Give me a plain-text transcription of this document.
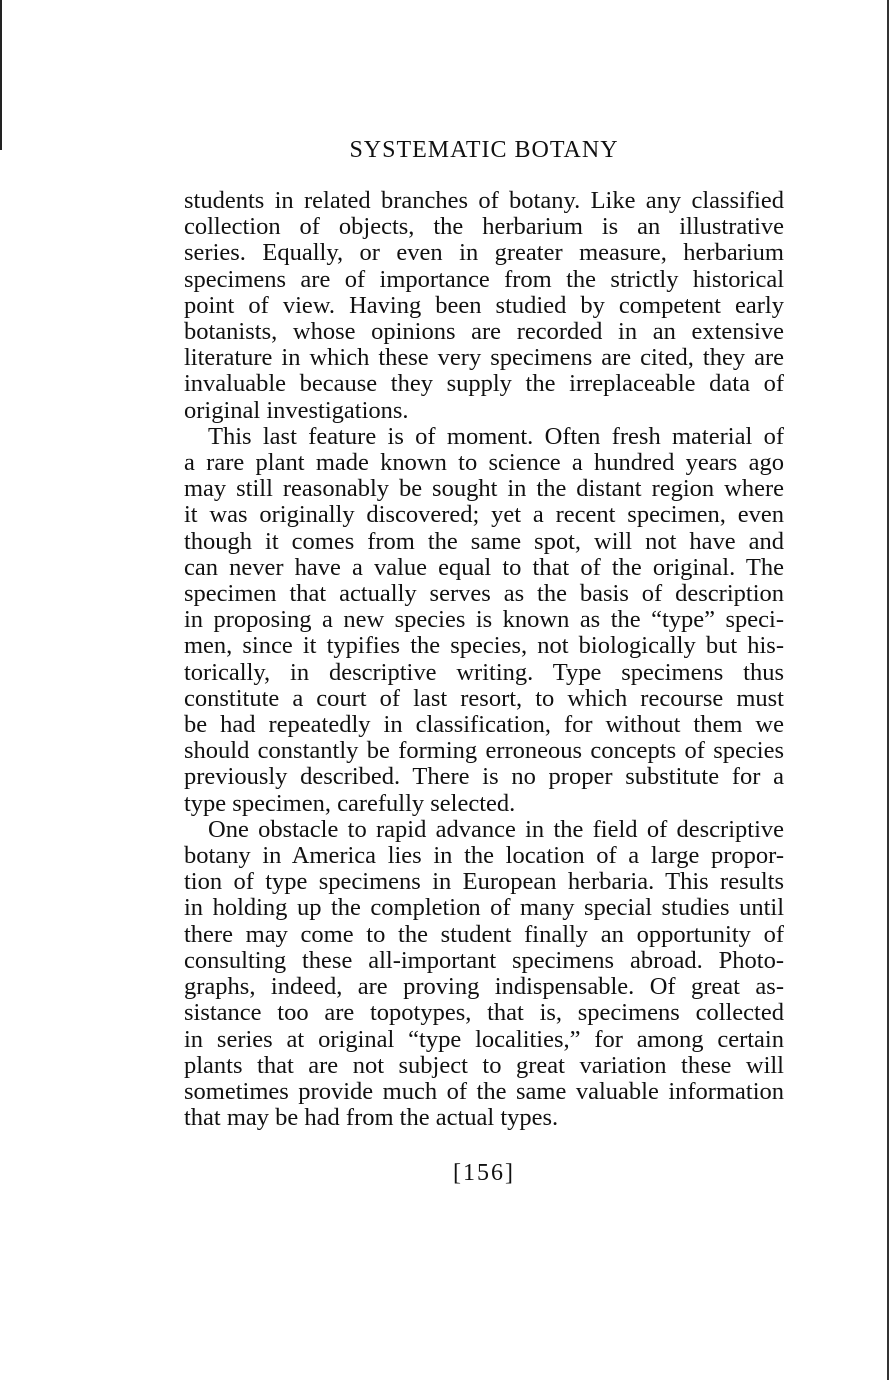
SYSTEMATIC BOTANY
students in related branches of botany. Like any classified
collection of objects, the herbarium is an illustrative
series. Equally, or even in greater measure, herbarium
specimens are of importance from the strictly historical
point of view. Having been studied by competent early
botanists, whose opinions are recorded in an extensive
literature in which these very specimens are cited, they are
invaluable because they supply the irreplaceable data of
original investigations.
This last feature is of moment. Often fresh material of
a rare plant made known to science a hundred years ago
may still reasonably be sought in the distant region where
it was originally discovered; yet a recent specimen, even
though it comes from the same spot, will not have and
can never have a value equal to that of the original. The
specimen that actually serves as the basis of description
in proposing a new species is known as the “type” speci-
men, since it typifies the species, not biologically but his-
torically, in descriptive writing. Type specimens thus
constitute a court of last resort, to which recourse must
be had repeatedly in classification, for without them we
should constantly be forming erroneous concepts of species
previously described. There is no proper substitute for a
type specimen, carefully selected.
One obstacle to rapid advance in the field of descriptive
botany in America lies in the location of a large propor-
tion of type specimens in European herbaria. This results
in holding up the completion of many special studies until
there may come to the student finally an opportunity of
consulting these all-important specimens abroad. Photo-
graphs, indeed, are proving indispensable. Of great as-
sistance too are topotypes, that is, specimens collected
in series at original “type localities,” for among certain
plants that are not subject to great variation these will
sometimes provide much of the same valuable information
that may be had from the actual types.
[156]
